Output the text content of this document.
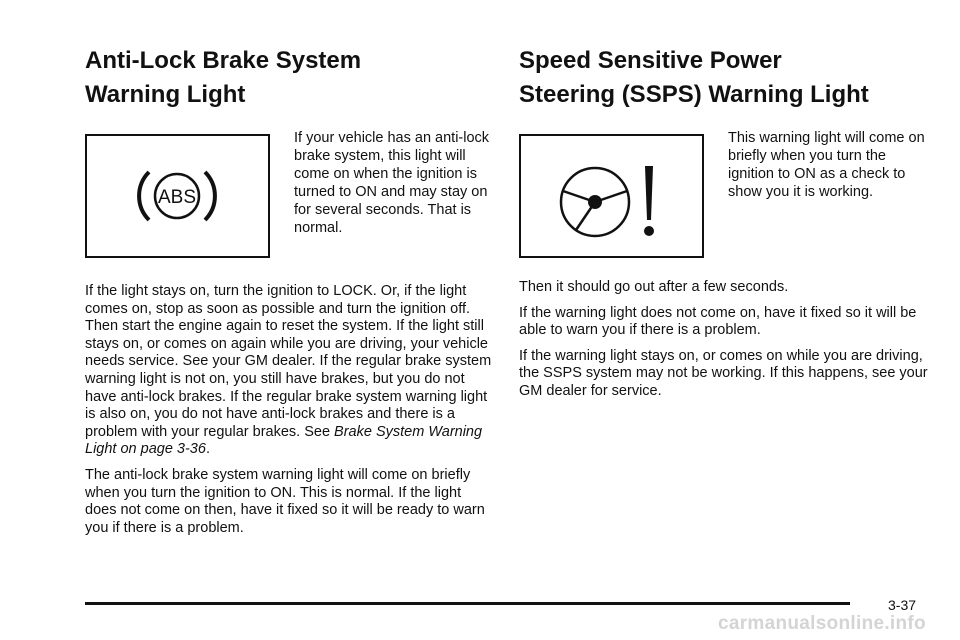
Anti-Lock Brake System
Warning Light
ABS

If your vehicle has an anti-lock brake system, this light will come on when the ignition is turned to ON and may stay on for several seconds. That is normal.

If the light stays on, turn the ignition to LOCK. Or, if the light comes on, stop as soon as possible and turn the ignition off. Then start the engine again to reset the system. If the light still stays on, or comes on again while you are driving, your vehicle needs service. See your GM dealer. If the regular brake system warning light is not on, you still have brakes, but you do not have anti-lock brakes. If the regular brake system warning light is also on, you do not have anti-lock brakes and there is a problem with your regular brakes. See Brake System Warning Light on page 3-36.

The anti-lock brake system warning light will come on briefly when you turn the ignition to ON. This is normal. If the light does not come on then, have it fixed so it will be ready to warn you if there is a problem.

Speed Sensitive Power
Steering (SSPS) Warning Light

This warning light will come on briefly when you turn the ignition to ON as a check to show you it is working.

Then it should go out after a few seconds.

If the warning light does not come on, have it fixed so it will be able to warn you if there is a problem.

If the warning light stays on, or comes on while you are driving, the SSPS system may not be working. If this happens, see your GM dealer for service.

3-37
carmanualsonline.info
